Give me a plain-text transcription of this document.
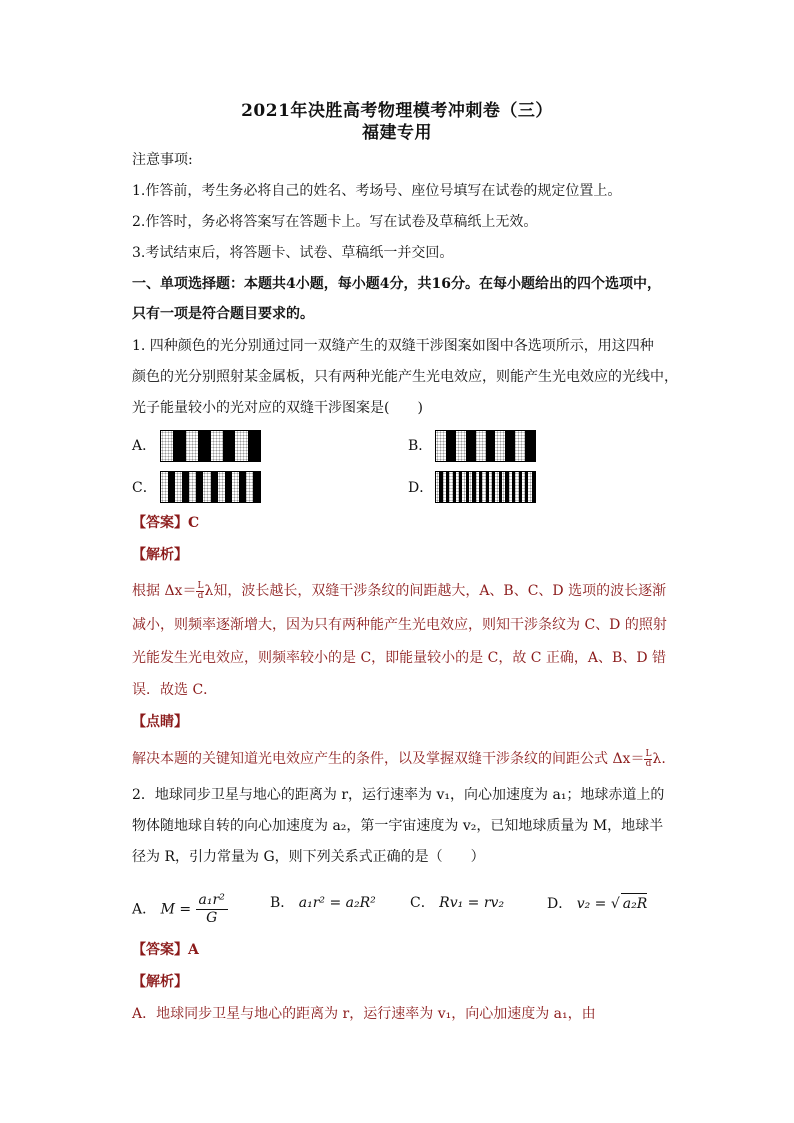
2021年决胜高考物理模考冲刺卷（三）
福建专用
注意事项:
1.作答前，考生务必将自己的姓名、考场号、座位号填写在试卷的规定位置上。
2.作答时，务必将答案写在答题卡上。写在试卷及草稿纸上无效。
3.考试结束后，将答题卡、试卷、草稿纸一并交回。
一、单项选择题：本题共4小题，每小题4分，共16分。在每小题给出的四个选项中，
只有一项是符合题目要求的。
1. 四种颜色的光分别通过同一双缝产生的双缝干涉图案如图中各选项所示，用这四种
颜色的光分别照射某金属板，只有两种光能产生光电效应，则能产生光电效应的光线中，
光子能量较小的光对应的双缝干涉图案是(　　)
A．	B．
C．	D．
【答案】C
【解析】
根据 $\Delta x= \frac{L}{d}$ λ知，波长越长，双缝干涉条纹的间距越大，A、B、C、D 选项的波长逐渐
减小，则频率逐渐增大，因为只有两种能产生光电效应，则知干涉条纹为 C、D 的照射
光能发生光电效应，则频率较小的是 C，即能量较小的是 C，故 C 正确，A、B、D 错
误．故选 C．
【点睛】
解决本题的关键知道光电效应产生的条件，以及掌握双缝干涉条纹的间距公式 $\Delta x= \frac{L}{d} \lambda$.
2．地球同步卫星与地心的距离为 r，运行速率为 v₁，向心加速度为 a₁；地球赤道上的
物体随地球自转的向心加速度为 a₂，第一宇宙速度为 v₂，已知地球质量为 M，地球半
径为 R，引力常量为 G，则下列关系式正确的是（　　）
A． $M = \frac{\text{a₁r²}}{G}$	B． a₁r² = a₂R² C． Rv₁ = rv₂	D． v₂ = √ a₂R
【答案】A
【解析】
A．地球同步卫星与地心的距离为 r，运行速率为 v₁，向心加速度为 a₁，由
